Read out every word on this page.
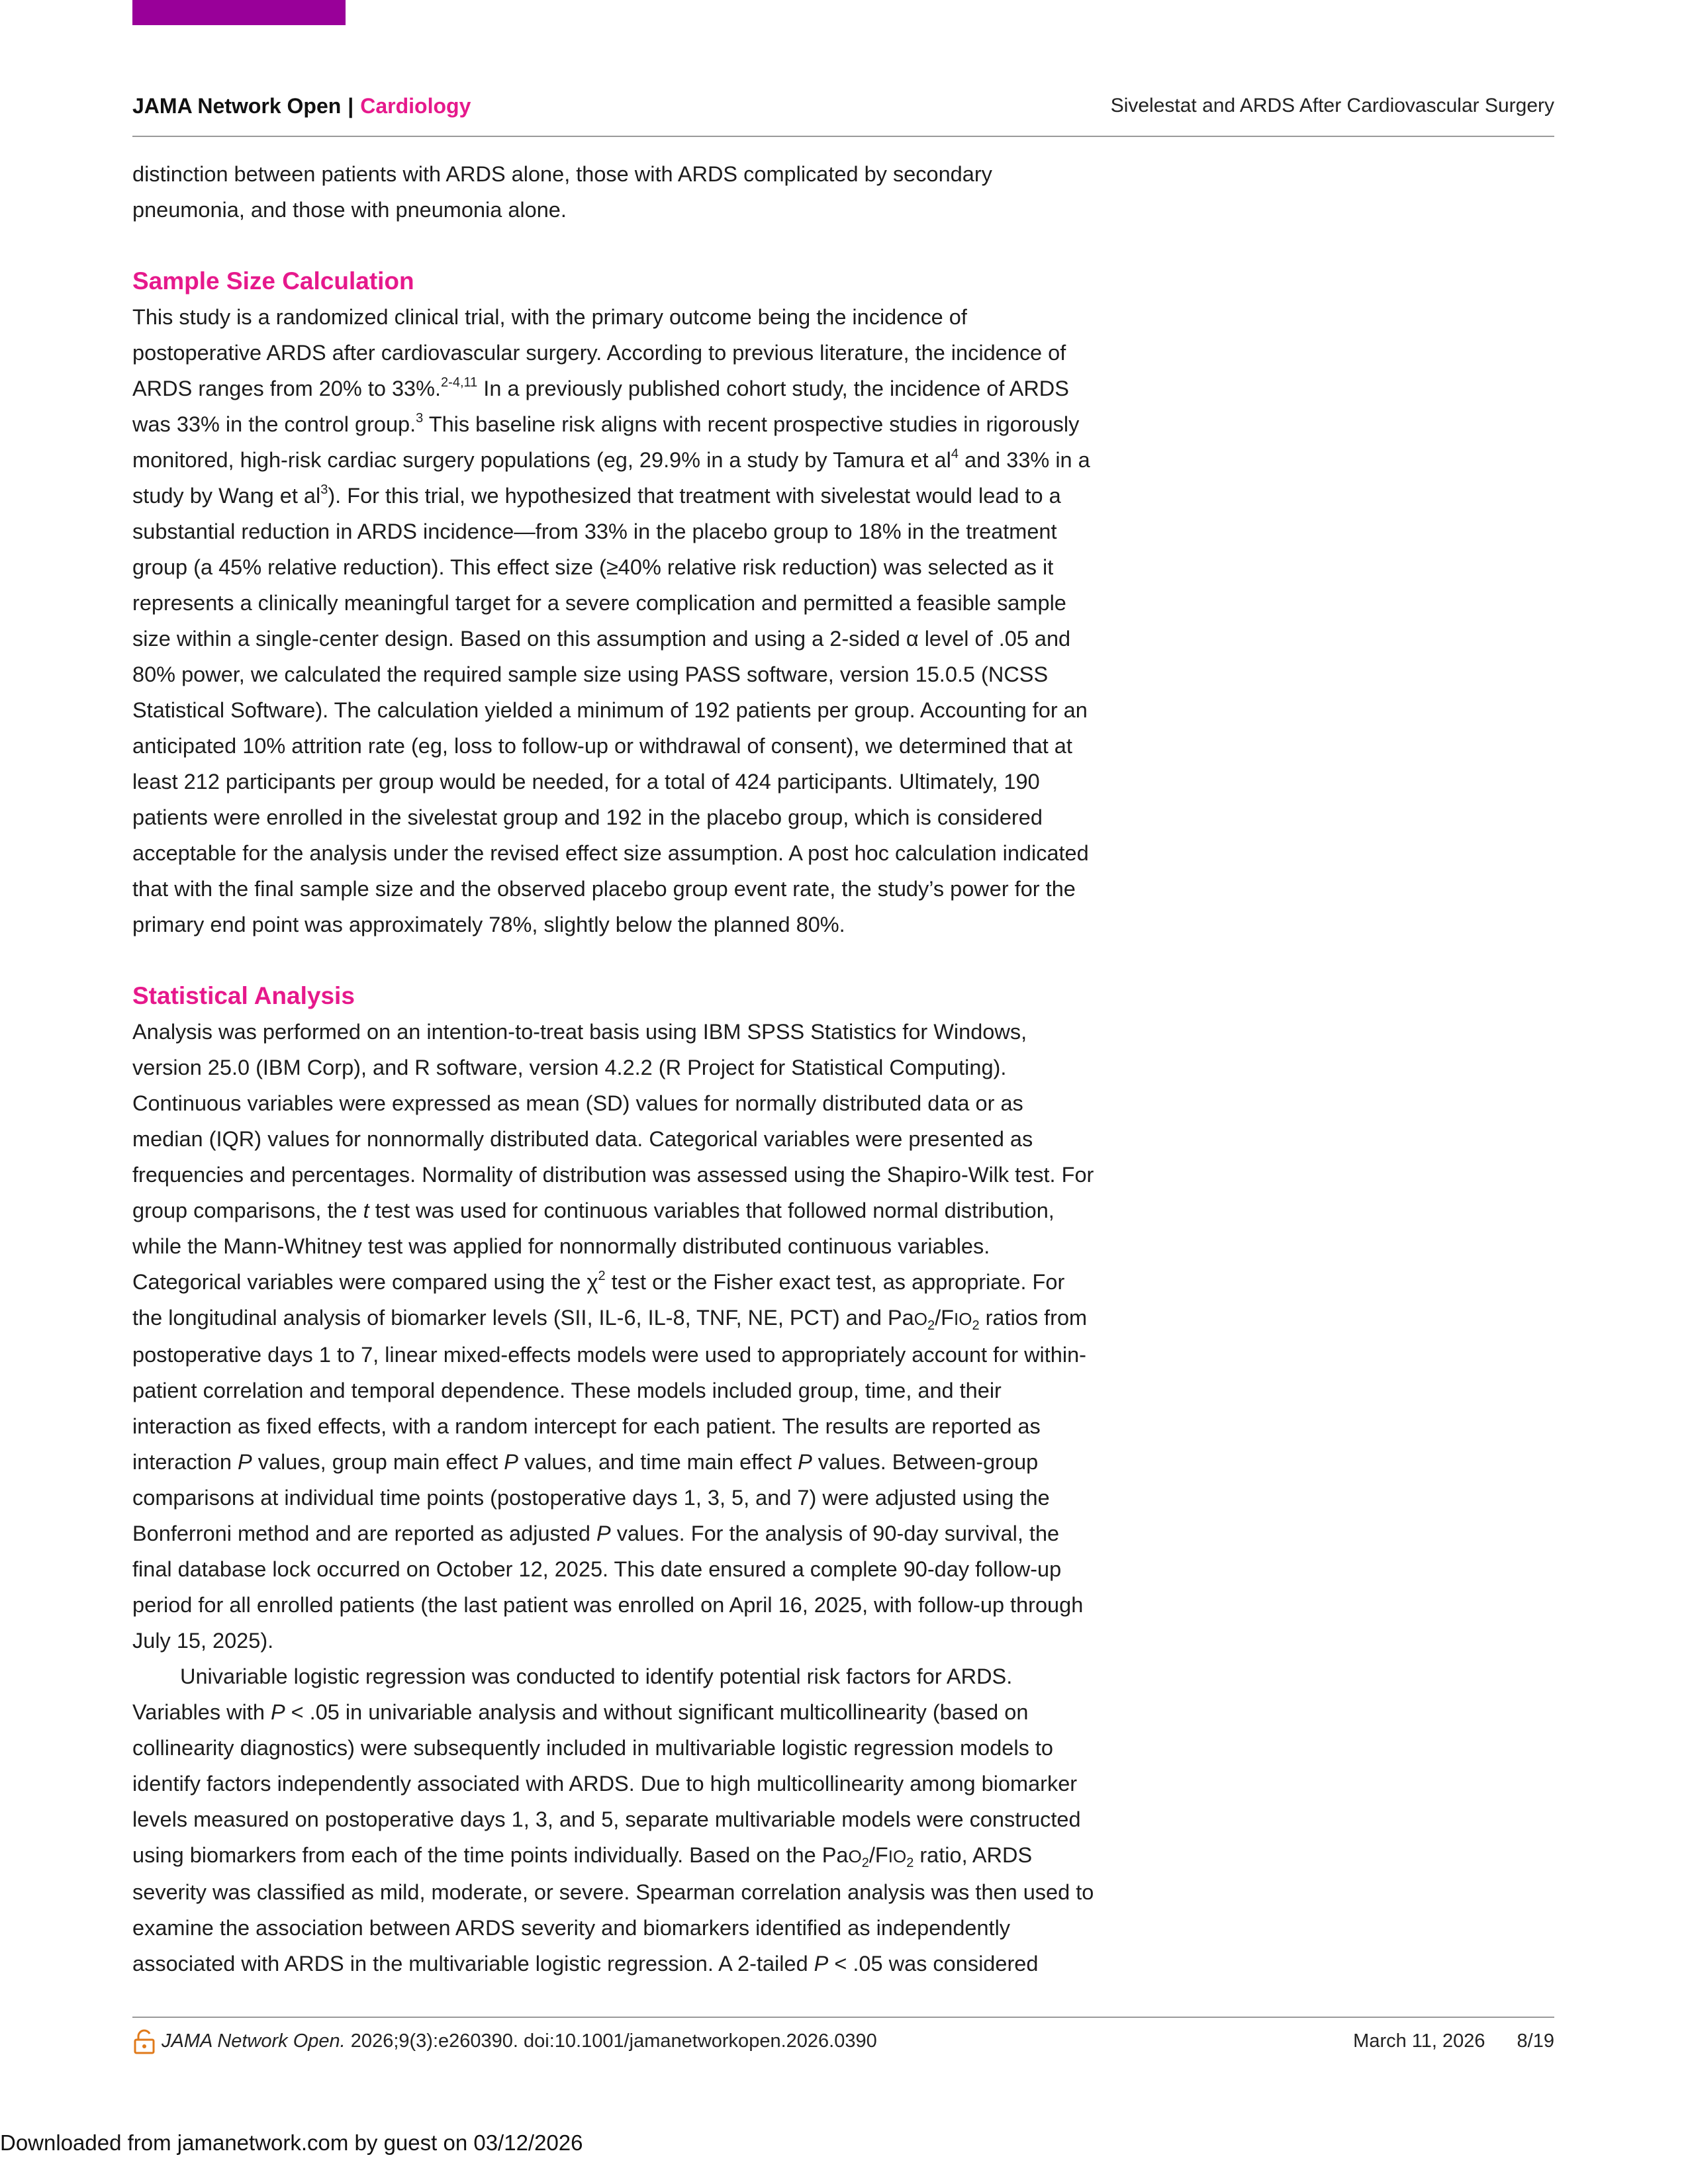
JAMA Network Open | Cardiology	Sivelestat and ARDS After Cardiovascular Surgery

distinction between patients with ARDS alone, those with ARDS complicated by secondary
pneumonia, and those with pneumonia alone.

Sample Size Calculation

This study is a randomized clinical trial, with the primary outcome being the incidence of postoperative ARDS after cardiovascular surgery. According to previous literature, the incidence of ARDS ranges from 20% to 33%.$^{2-4,11}$ In a previously published cohort study, the incidence of ARDS was 33% in the control group.$^3$ This baseline risk aligns with recent prospective studies in rigorously monitored, high-risk cardiac surgery populations (eg, 29.9% in a study by Tamura et $al^4$ and 33% in a study by Wang et $al^3$). For this trial, we hypothesized that treatment with sivelestat would lead to a substantial reduction in ARDS incidence—from 33% in the placebo group to 18% in the treatment group (a 45% relative reduction). This effect size (≥40% relative risk reduction) was selected as it represents a clinically meaningful target for a severe complication and permitted a feasible sample size within a single-center design. Based on this assumption and using a 2-sided α level of .05 and 80% power, we calculated the required sample size using PASS software, version 15.0.5 (NCSS Statistical Software). The calculation yielded a minimum of 192 patients per group. Accounting for an anticipated 10% attrition rate (eg, loss to follow-up or withdrawal of consent), we determined that at least 212 participants per group would be needed, for a total of 424 participants. Ultimately, 190 patients were enrolled in the sivelestat group and 192 in the placebo group, which is considered acceptable for the analysis under the revised effect size assumption. A post hoc calculation indicated that with the final sample size and the observed placebo group event rate, the study’s power for the primary end point was approximately 78%, slightly below the planned 80%.

Statistical Analysis

Analysis was performed on an intention-to-treat basis using IBM SPSS Statistics for Windows, version 25.0 (IBM Corp), and R software, version 4.2.2 (R Project for Statistical Computing). Continuous variables were expressed as mean (SD) values for normally distributed data or as median (IQR) values for nonnormally distributed data. Categorical variables were presented as frequencies and percentages. Normality of distribution was assessed using the Shapiro-Wilk test. For group comparisons, the t test was used for continuous variables that followed normal distribution, while the Mann-Whitney test was applied for nonnormally distributed continuous variables. Categorical variables were compared using the $\chi^2$ test or the Fisher exact test, as appropriate. For the longitudinal analysis of biomarker levels (SII, IL-6, IL-8, TNF, NE, PCT) and $PaO_2/FIO_2$ ratios from postoperative days 1 to 7, linear mixed-effects models were used to appropriately account for within-patient correlation and temporal dependence. These models included group, time, and their interaction as fixed effects, with a random intercept for each patient. The results are reported as interaction P values, group main effect P values, and time main effect P values. Between-group comparisons at individual time points (postoperative days 1, 3, 5, and 7) were adjusted using the Bonferroni method and are reported as adjusted P values. For the analysis of 90-day survival, the final database lock occurred on October 12, 2025. This date ensured a complete 90-day follow-up period for all enrolled patients (the last patient was enrolled on April 16, 2025, with follow-up through July 15, 2025).

Univariable logistic regression was conducted to identify potential risk factors for ARDS. Variables with P < .05 in univariable analysis and without significant multicollinearity (based on collinearity diagnostics) were subsequently included in multivariable logistic regression models to identify factors independently associated with ARDS. Due to high multicollinearity among biomarker levels measured on postoperative days 1, 3, and 5, separate multivariable models were constructed using biomarkers from each of the time points individually. Based on the $PaO_2/FIO_2$ ratio, ARDS severity was classified as mild, moderate, or severe. Spearman correlation analysis was then used to examine the association between ARDS severity and biomarkers identified as independently associated with ARDS in the multivariable logistic regression. A 2-tailed P < .05 was considered

JAMA Network Open. 2026;9(3):e260390. doi:10.1001/jamanetworkopen.2026.0390	March 11, 2026 8/19
Downloaded from jamanetwork.com by guest on 03/12/2026
